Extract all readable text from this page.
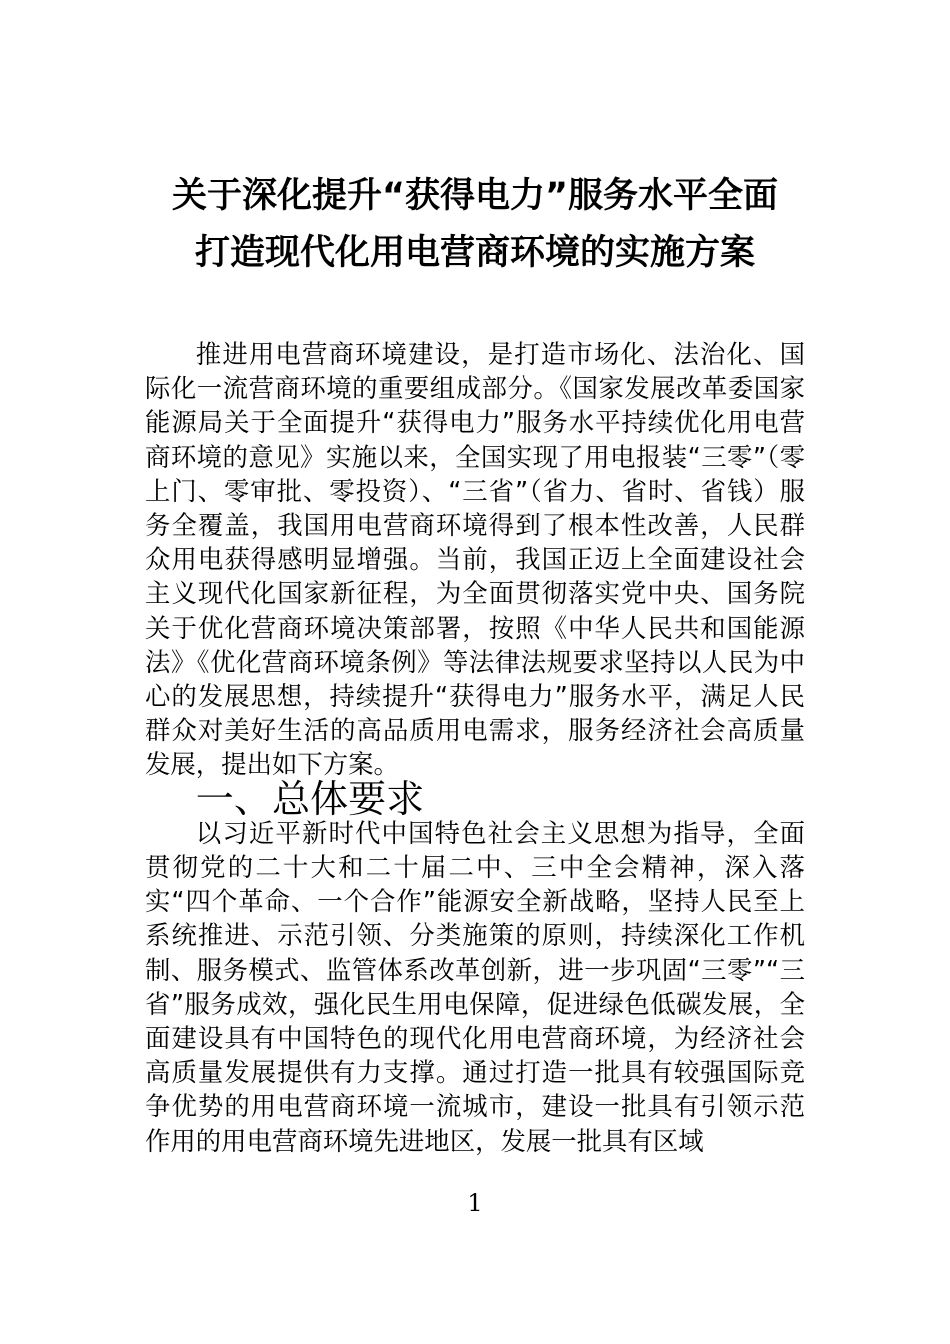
关于深化提升“获得电力”服务水平全面
打造现代化用电营商环境的实施方案

推进用电营商环境建设，是打造市场化、法治化、国际化一流营商环境的重要组成部分。《国家发展改革委国家能源局关于全面提升“获得电力”服务水平持续优化用电营商环境的意见》实施以来，全国实现了用电报装“三零”（零上门、零审批、零投资）、“三省”（省力、省时、省钱）服务全覆盖，我国用电营商环境得到了根本性改善，人民群众用电获得感明显增强。当前，我国正迈上全面建设社会主义现代化国家新征程，为全面贯彻落实党中央、国务院关于优化营商环境决策部署，按照《中华人民共和国能源法》《优化营商环境条例》等法律法规要求坚持以人民为中心的发展思想，持续提升“获得电力”服务水平，满足人民群众对美好生活的高品质用电需求，服务经济社会高质量发展，提出如下方案。

一、总体要求

以习近平新时代中国特色社会主义思想为指导，全面贯彻党的二十大和二十届二中、三中全会精神，深入落实“四个革命、一个合作”能源安全新战略，坚持人民至上系统推进、示范引领、分类施策的原则，持续深化工作机制、服务模式、监管体系改革创新，进一步巩固“三零”“三省”服务成效，强化民生用电保障，促进绿色低碳发展，全面建设具有中国特色的现代化用电营商环境，为经济社会高质量发展提供有力支撑。通过打造一批具有较强国际竞争优势的用电营商环境一流城市，建设一批具有引领示范作用的用电营商环境先进地区，发展一批具有区域

1
